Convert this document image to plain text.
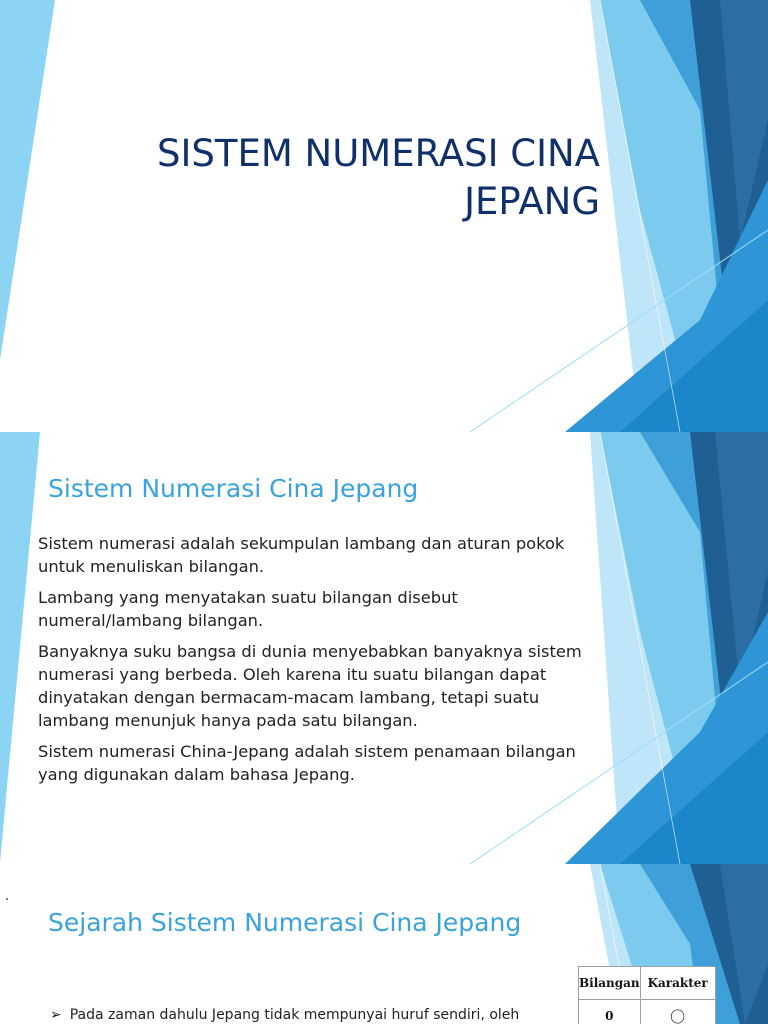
SISTEM NUMERASI CINA
JEPANG
Sistem Numerasi Cina Jepang

Sistem numerasi adalah sekumpulan lambang dan aturan pokok untuk menuliskan bilangan.

Lambang yang menyatakan suatu bilangan disebut numeral/lambang bilangan.

Banyaknya suku bangsa di dunia menyebabkan banyaknya sistem numerasi yang berbeda. Oleh karena itu suatu bilangan dapat dinyatakan dengan bermacam-macam lambang, tetapi suatu lambang menunjuk hanya pada satu bilangan.

Sistem numerasi China-Jepang adalah sistem penamaan bilangan yang digunakan dalam bahasa Jepang.

Sejarah Sistem Numerasi Cina Jepang
➢ Pada zaman dahulu Jepang tidak mempunyai huruf sendiri, oleh
Bilangan	Karakter
0	〇
